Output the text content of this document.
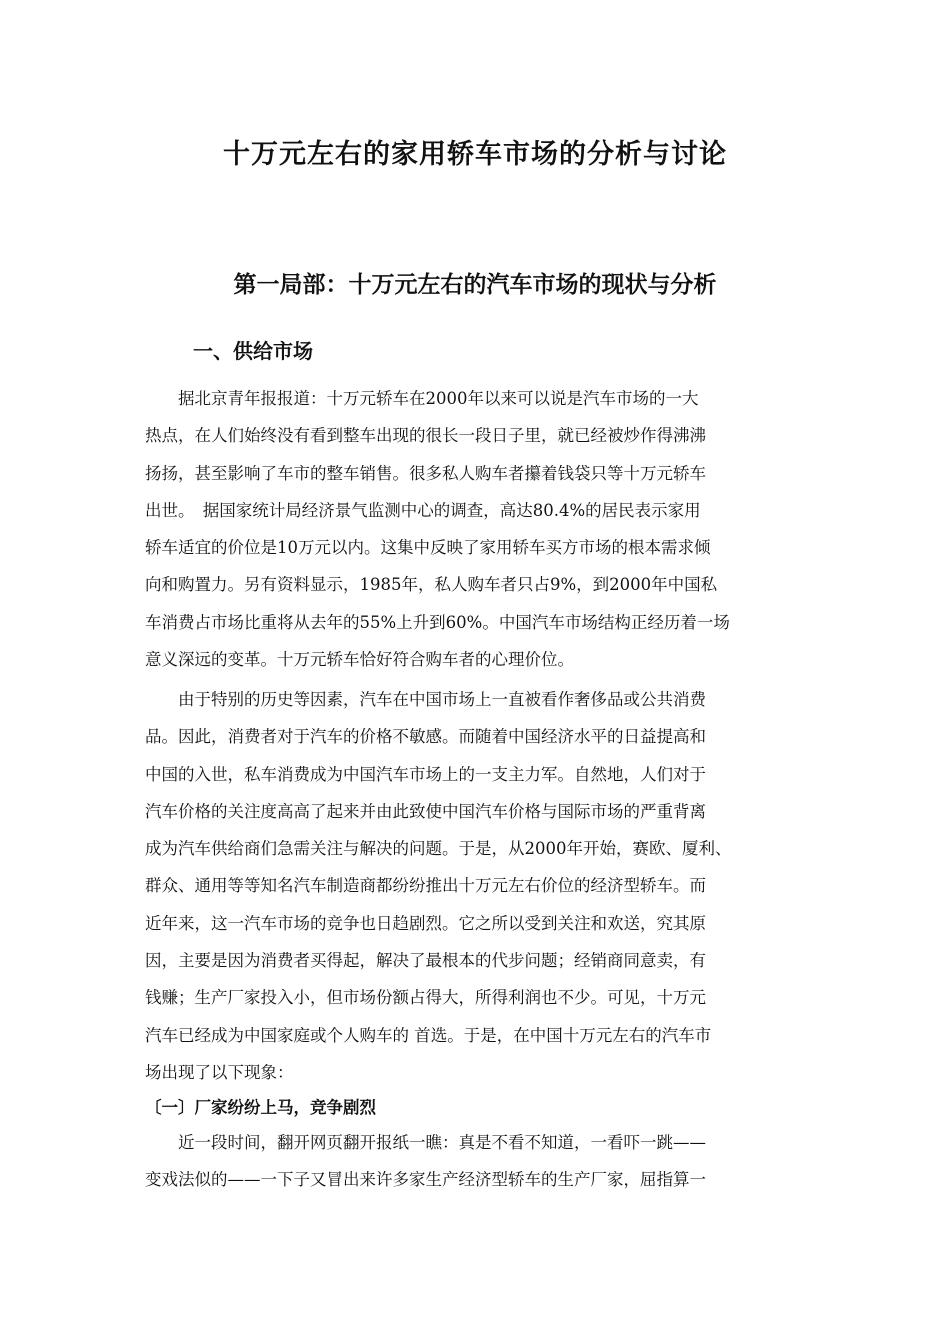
十万元左右的家用轿车市场的分析与讨论
第一局部：十万元左右的汽车市场的现状与分析
一、供给市场
　　据北京青年报报道：十万元轿车在2000年以来可以说是汽车市场的一大
热点，在人们始终没有看到整车出现的很长一段日子里，就已经被炒作得沸沸
扬扬，甚至影响了车市的整车销售。很多私人购车者攥着钱袋只等十万元轿车
出世。　据国家统计局经济景气监测中心的调查，高达80.4%的居民表示家用
轿车适宜的价位是10万元以内。这集中反映了家用轿车买方市场的根本需求倾
向和购置力。另有资料显示，1985年，私人购车者只占9%，到2000年中国私
车消费占市场比重将从去年的55%上升到60%。中国汽车市场结构正经历着一场
意义深远的变革。十万元轿车恰好符合购车者的心理价位。
　　由于特别的历史等因素，汽车在中国市场上一直被看作奢侈品或公共消费
品。因此，消费者对于汽车的价格不敏感。而随着中国经济水平的日益提高和
中国的入世，私车消费成为中国汽车市场上的一支主力军。自然地，人们对于
汽车价格的关注度高高了起来并由此致使中国汽车价格与国际市场的严重背离
成为汽车供给商们急需关注与解决的问题。于是，从2000年开始，赛欧、厦利、
群众、通用等等知名汽车制造商都纷纷推出十万元左右价位的经济型轿车。而
近年来，这一汽车市场的竞争也日趋剧烈。它之所以受到关注和欢送，究其原
因，主要是因为消费者买得起，解决了最根本的代步问题；经销商同意卖，有
钱赚；生产厂家投入小，但市场份额占得大，所得利润也不少。可见，十万元
汽车已经成为中国家庭或个人购车的 首选。于是，在中国十万元左右的汽车市
场出现了以下现象：
〔一〕厂家纷纷上马，竞争剧烈
　　近一段时间，翻开网页翻开报纸一瞧：真是不看不知道，一看吓一跳——
变戏法似的——一下子又冒出来许多家生产经济型轿车的生产厂家，屈指算一
